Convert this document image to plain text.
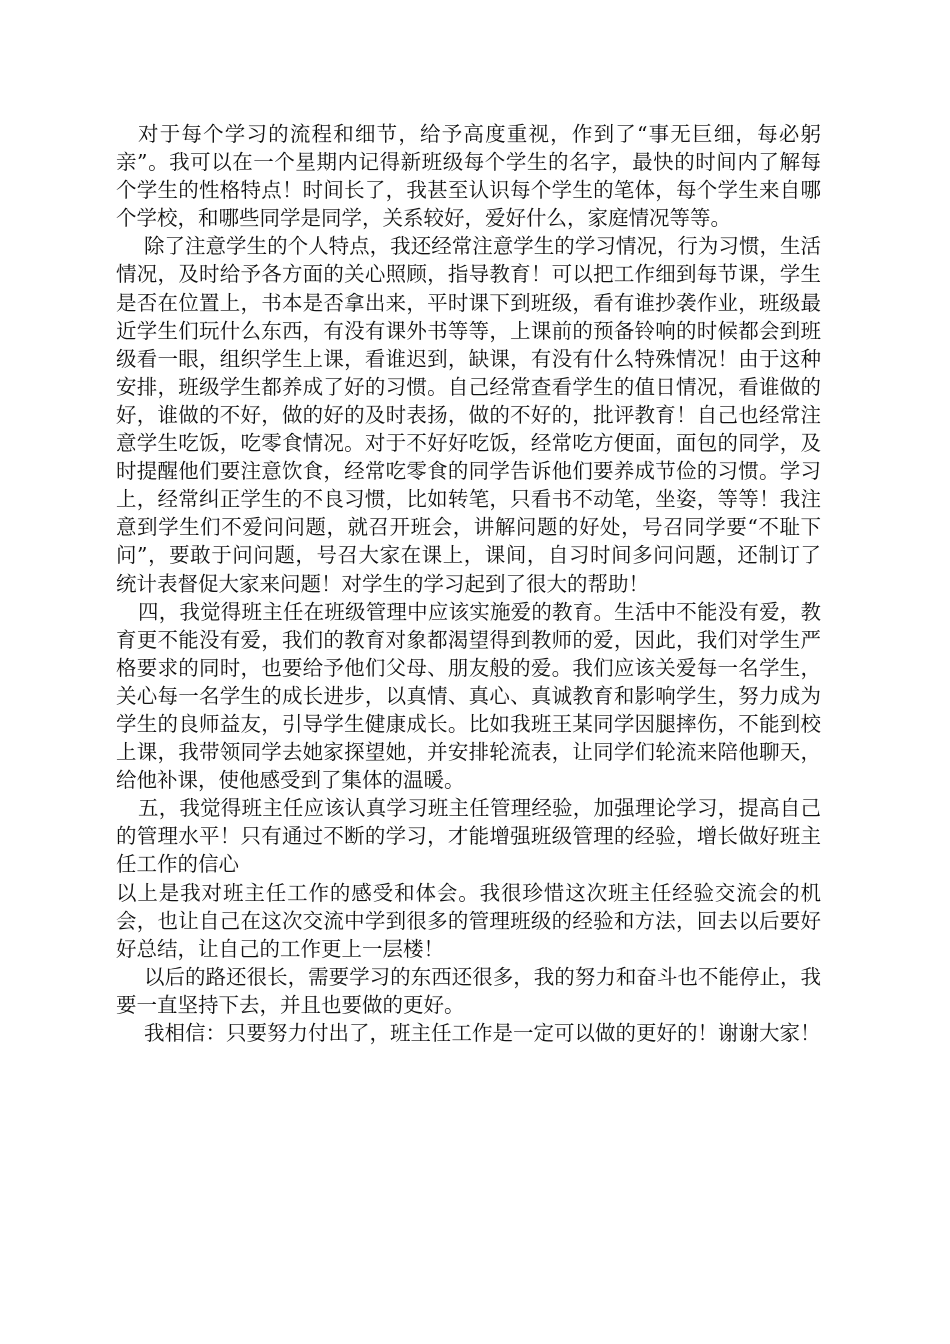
对于每个学习的流程和细节，给予高度重视，作到了“事无巨细，每必躬亲”。我可以在一个星期内记得新班级每个学生的名字，最快的时间内了解每个学生的性格特点！时间长了，我甚至认识每个学生的笔体，每个学生来自哪个学校，和哪些同学是同学，关系较好，爱好什么，家庭情况等等。

除了注意学生的个人特点，我还经常注意学生的学习情况，行为习惯，生活情况，及时给予各方面的关心照顾，指导教育！可以把工作细到每节课，学生是否在位置上，书本是否拿出来，平时课下到班级，看有谁抄袭作业，班级最近学生们玩什么东西，有没有课外书等等，上课前的预备铃响的时候都会到班级看一眼，组织学生上课，看谁迟到，缺课，有没有什么特殊情况！由于这种安排，班级学生都养成了好的习惯。自己经常查看学生的值日情况，看谁做的好，谁做的不好，做的好的及时表扬，做的不好的，批评教育！自己也经常注意学生吃饭，吃零食情况。对于不好好吃饭，经常吃方便面，面包的同学，及时提醒他们要注意饮食，经常吃零食的同学告诉他们要养成节俭的习惯。学习上，经常纠正学生的不良习惯，比如转笔，只看书不动笔，坐姿，等等！我注意到学生们不爱问问题，就召开班会，讲解问题的好处，号召同学要“不耻下问”，要敢于问问题，号召大家在课上，课间，自习时间多问问题，还制订了统计表督促大家来问题！对学生的学习起到了很大的帮助！

四，我觉得班主任在班级管理中应该实施爱的教育。生活中不能没有爱，教育更不能没有爱，我们的教育对象都渴望得到教师的爱，因此，我们对学生严格要求的同时，也要给予他们父母、朋友般的爱。我们应该关爱每一名学生，关心每一名学生的成长进步，以真情、真心、真诚教育和影响学生，努力成为学生的良师益友，引导学生健康成长。比如我班王某同学因腿摔伤，不能到校上课，我带领同学去她家探望她，并安排轮流表，让同学们轮流来陪他聊天，给他补课，使他感受到了集体的温暖。

五，我觉得班主任应该认真学习班主任管理经验，加强理论学习，提高自己的管理水平！只有通过不断的学习，才能增强班级管理的经验，增长做好班主任工作的信心

以上是我对班主任工作的感受和体会。我很珍惜这次班主任经验交流会的机会，也让自己在这次交流中学到很多的管理班级的经验和方法，回去以后要好好总结，让自己的工作更上一层楼！

以后的路还很长，需要学习的东西还很多，我的努力和奋斗也不能停止，我要一直坚持下去，并且也要做的更好。

我相信：只要努力付出了，班主任工作是一定可以做的更好的！谢谢大家！
